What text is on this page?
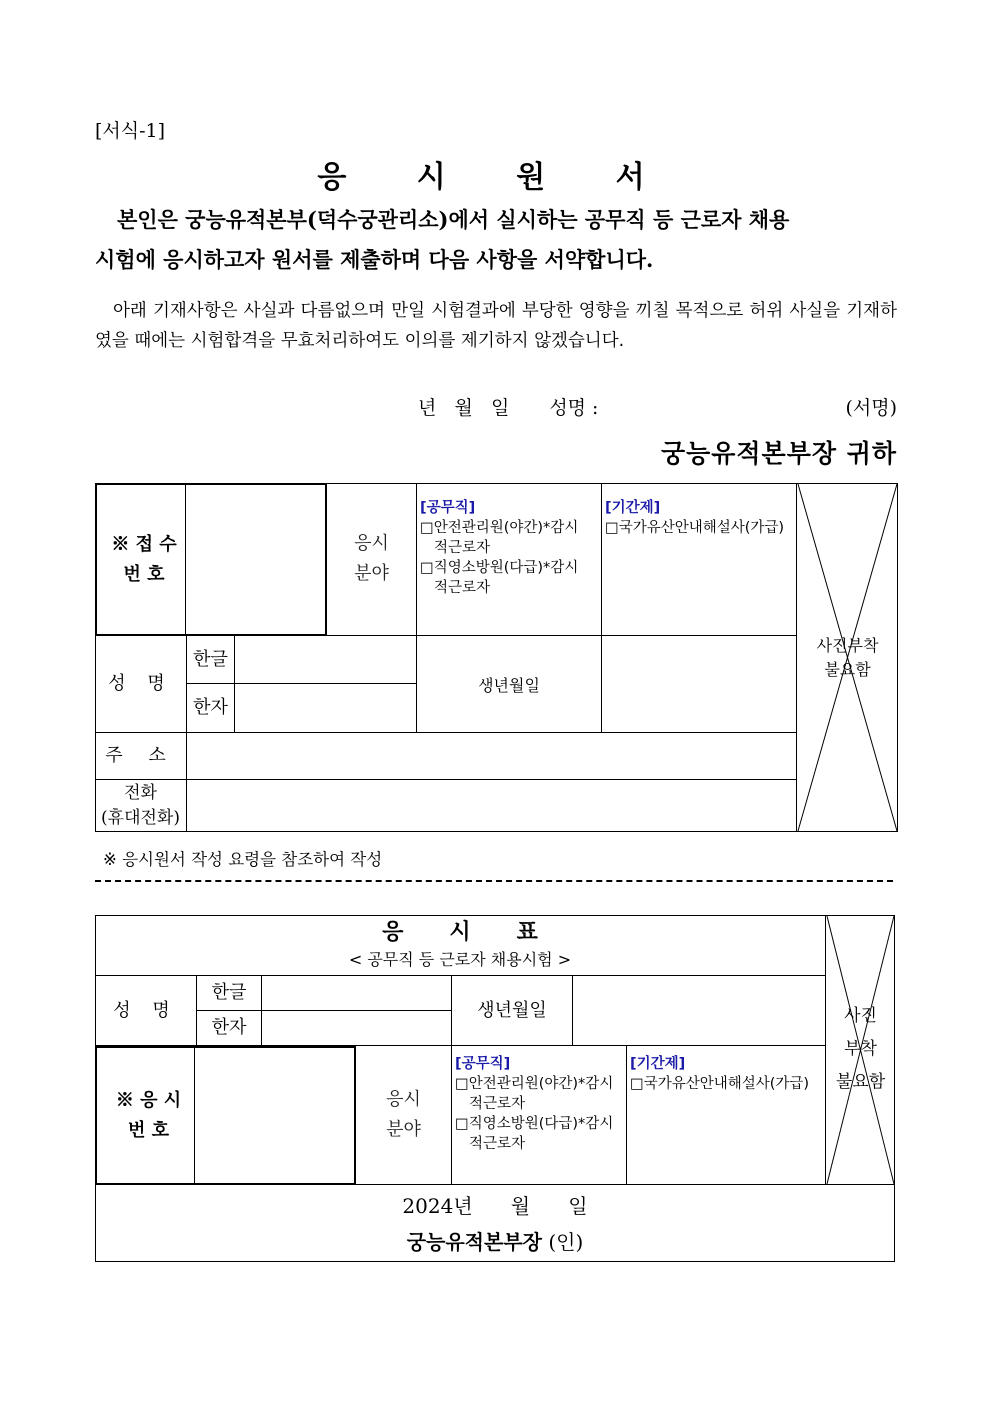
[서식-1]
응 시 원 서
본인은 궁능유적본부(덕수궁관리소)에서 실시하는 공무직 등 근로자 채용
시험에 응시하고자 원서를 제출하며 다음 사항을 서약합니다.
아래 기재사항은 사실과 다름없으며 만일 시험결과에 부당한 영향을 끼칠 목적으로 허위 사실을 기재하였을 때에는 시험합격을 무효처리하여도 이의를 제기하지 않겠습니다.
년   월   일 성명 :	(서명)
궁능유적본부장 귀하
※ 접 수
번 호
응시
분야
[공무직]
□안전관리원(야간)*감시
적근로자
□직영소방원(다급)*감시
적근로자
[기간제]
□국가유산안내해설사(가급)
사진부착
불요함
성 명
한글
한자
생년월일
주 소
전화
(휴대전화)
※ 응시원서 작성 요령을 참조하여 작성
응      시      표
< 공무직 등 근로자 채용시험 >
사진
부착
불요함
성 명
한글
한자
생년월일
※ 응 시
번 호
응시
분야
[공무직]
□안전관리원(야간)*감시
적근로자
□직영소방원(다급)*감시
적근로자
[기간제]
□국가유산안내해설사(가급)
2024년      월      일
궁능유적본부장 (인)
